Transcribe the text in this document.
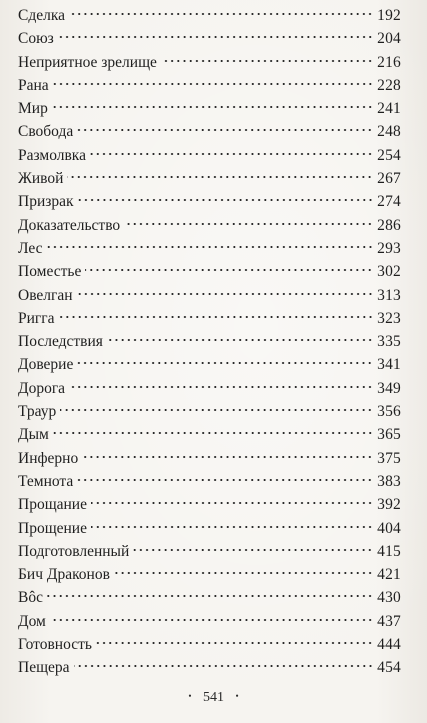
Сделка	192
Союз	204
Неприятное зрелище	216
Рана	228
Мир	241
Свобода	248
Размолвка	254
Живой	267
Призрак	274
Доказательство	286
Лес	293
Поместье	302
Овелган	313
Ригга	323
Последствия	335
Доверие	341
Дорога	349
Траур	356
Дым	365
Инферно	375
Темнота	383
Прощание	392
Прощение	404
Подготовленный	415
Бич Драконов	421
Вôс	430
Дом	437
Готовность	444
Пещера	454
• 541 •
